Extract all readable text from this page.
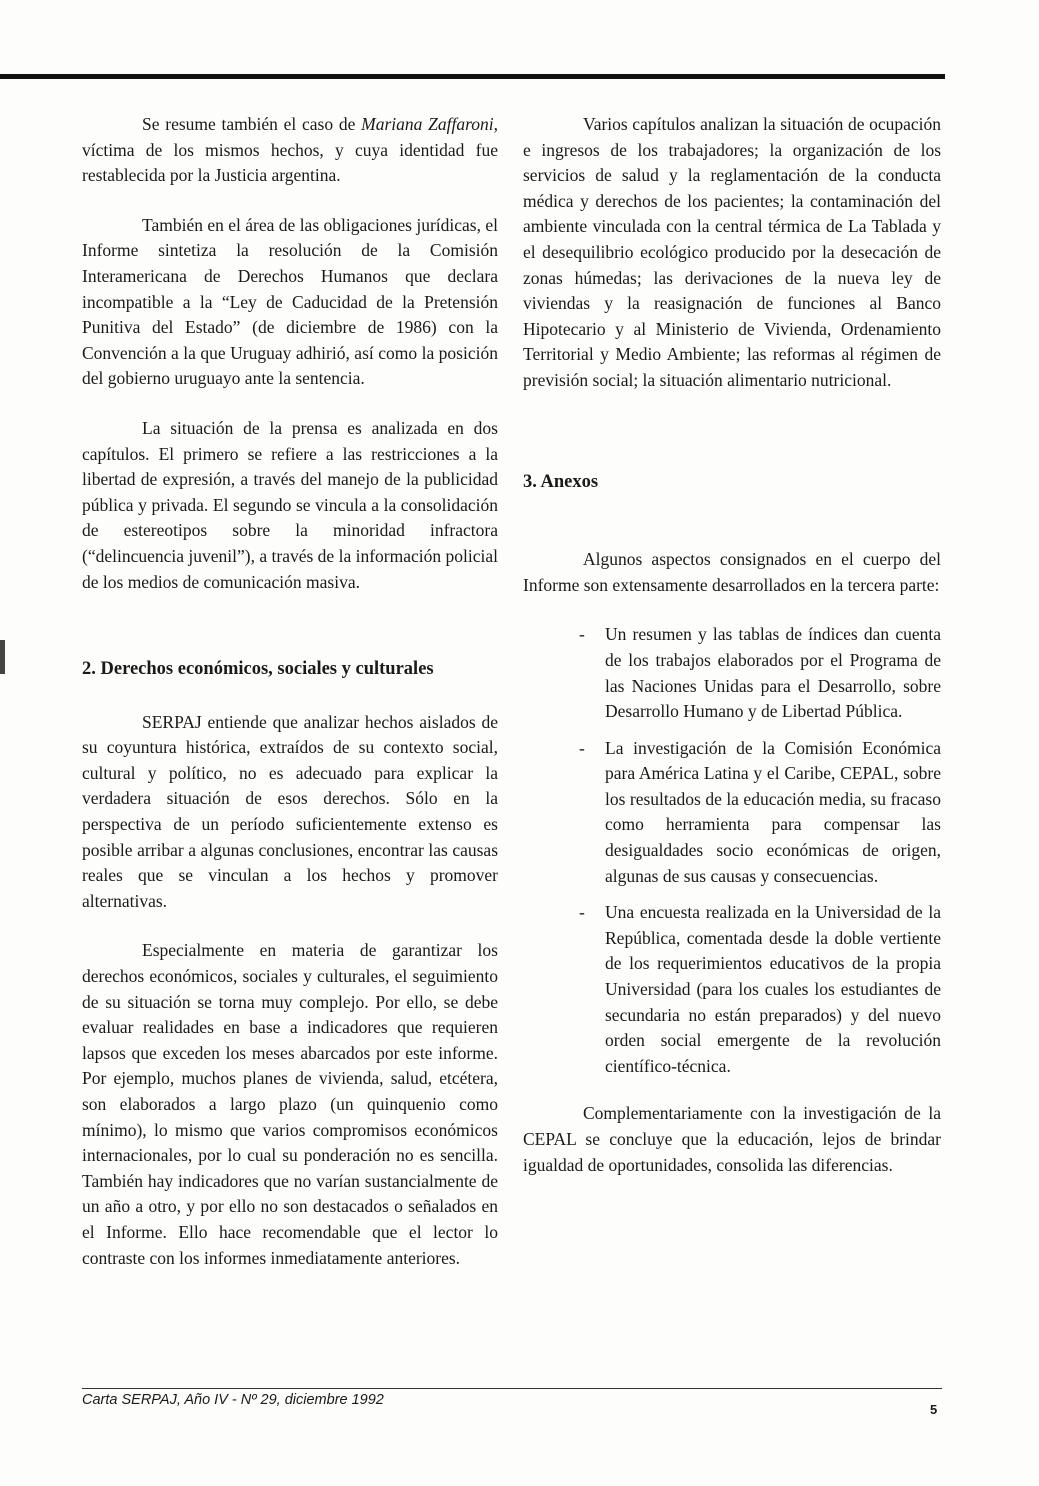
Se resume también el caso de Mariana Zaffaroni, víctima de los mismos hechos, y cuya identidad fue restablecida por la Justicia argentina.

También en el área de las obligaciones jurídicas, el Informe sintetiza la resolución de la Comisión Interamericana de Derechos Humanos que declara incompatible a la “Ley de Caducidad de la Pretensión Punitiva del Estado” (de diciembre de 1986) con la Convención a la que Uruguay adhirió, así como la posición del gobierno uruguayo ante la sentencia.

La situación de la prensa es analizada en dos capítulos. El primero se refiere a las restricciones a la libertad de expresión, a través del manejo de la publicidad pública y privada. El segundo se vincula a la consolidación de estereotipos sobre la minoridad infractora (“delincuencia juvenil”), a través de la información policial de los medios de comunicación masiva.

2. Derechos económicos, sociales y culturales

SERPAJ entiende que analizar hechos aislados de su coyuntura histórica, extraídos de su contexto social, cultural y político, no es adecuado para explicar la verdadera situación de esos derechos. Sólo en la perspectiva de un período suficientemente extenso es posible arribar a algunas conclusiones, encontrar las causas reales que se vinculan a los hechos y promover alternativas.

Especialmente en materia de garantizar los derechos económicos, sociales y culturales, el seguimiento de su situación se torna muy complejo. Por ello, se debe evaluar realidades en base a indicadores que requieren lapsos que exceden los meses abarcados por este informe. Por ejemplo, muchos planes de vivienda, salud, etcétera, son elaborados a largo plazo (un quinquenio como mínimo), lo mismo que varios compromisos económicos internacionales, por lo cual su ponderación no es sencilla. También hay indicadores que no varían sustancialmente de un año a otro, y por ello no son destacados o señalados en el Informe. Ello hace recomendable que el lector lo contraste con los informes inmediatamente anteriores.

Varios capítulos analizan la situación de ocupación e ingresos de los trabajadores; la organización de los servicios de salud y la reglamentación de la conducta médica y derechos de los pacientes; la contaminación del ambiente vinculada con la central térmica de La Tablada y el desequilibrio ecológico producido por la desecación de zonas húmedas; las derivaciones de la nueva ley de viviendas y la reasignación de funciones al Banco Hipotecario y al Ministerio de Vivienda, Ordenamiento Territorial y Medio Ambiente; las reformas al régimen de previsión social; la situación alimentario nutricional.

3. Anexos

Algunos aspectos consignados en el cuerpo del Informe son extensamente desarrollados en la tercera parte:

- Un resumen y las tablas de índices dan cuenta de los trabajos elaborados por el Programa de las Naciones Unidas para el Desarrollo, sobre Desarrollo Humano y de Libertad Pública.
- La investigación de la Comisión Económica para América Latina y el Caribe, CEPAL, sobre los resultados de la educación media, su fracaso como herramienta para compensar las desigualdades socio económicas de origen, algunas de sus causas y consecuencias.
- Una encuesta realizada en la Universidad de la República, comentada desde la doble vertiente de los requerimientos educativos de la propia Universidad (para los cuales los estudiantes de secundaria no están preparados) y del nuevo orden social emergente de la revolución científico-técnica.

Complementariamente con la investigación de la CEPAL se concluye que la educación, lejos de brindar igualdad de oportunidades, consolida las diferencias.

Carta SERPAJ, Año IV - Nº 29, diciembre 1992
5
